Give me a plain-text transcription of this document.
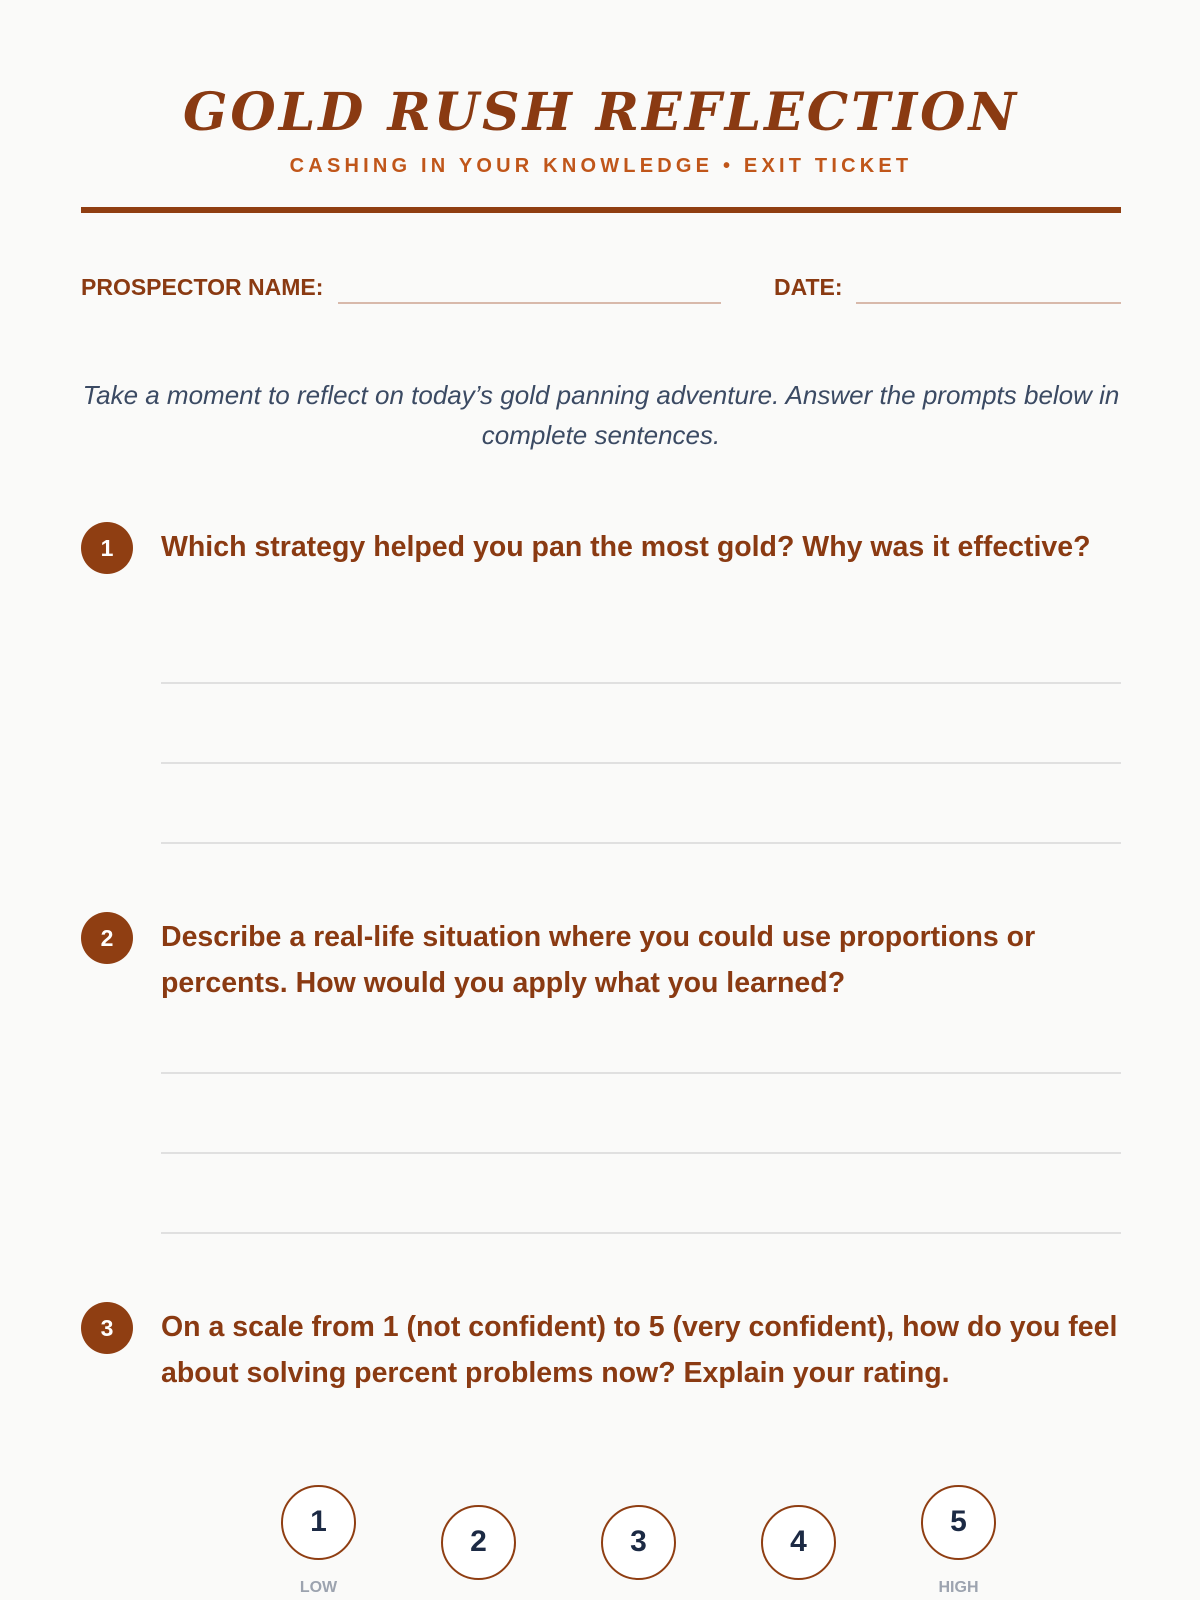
GOLD RUSH REFLECTION
CASHING IN YOUR KNOWLEDGE • EXIT TICKET
PROSPECTOR NAME:	DATE:
Take a moment to reflect on today’s gold panning adventure. Answer the prompts below in complete sentences.
1	Which strategy helped you pan the most gold? Why was it effective?
2	Describe a real-life situation where you could use proportions or percents. How would you apply what you learned?
3	On a scale from 1 (not confident) to 5 (very confident), how do you feel about solving percent problems now? Explain your rating.
1
2	3	4
5
LOW	HIGH
